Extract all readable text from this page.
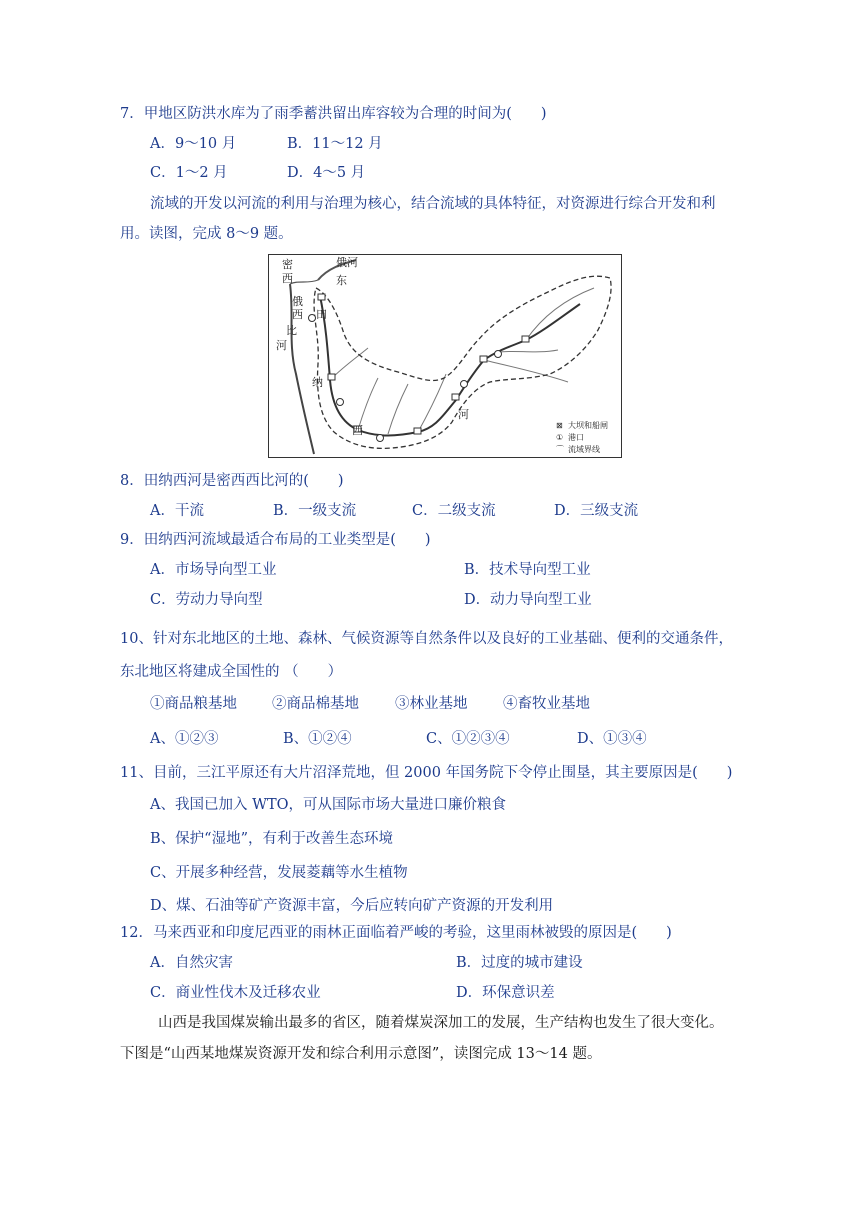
7．甲地区防洪水库为了雨季蓄洪留出库容较为合理的时间为(　　)
A．9～10 月	B．11～12 月
C．1～2 月	D．4～5 月
流域的开发以河流的利用与治理为核心，结合流域的具体特征，对资源进行综合开发和利
用。读图，完成 8～9 题。
密
西
俄
西
比
河
俄河
东
田
纳
西
河
⊠ 大坝和船闸
① 港口
⌒ 流域界线
8．田纳西河是密西西比河的(　　)
A．干流	B．一级支流	C．二级支流	D．三级支流
9．田纳西河流域最适合布局的工业类型是(　　)
A．市场导向型工业	B．技术导向型工业
C．劳动力导向型	D．动力导向型工业
10、针对东北地区的土地、森林、气候资源等自然条件以及良好的工业基础、便利的交通条件，
东北地区将建成全国性的 （　　）
①商品粮基地 ②商品棉基地 ③林业基地 ④畜牧业基地
A、①②③	B、①②④	C、①②③④	D、①③④
11、目前，三江平原还有大片沼泽荒地，但 2000 年国务院下令停止围垦，其主要原因是(　　)
A、我国已加入 WTO，可从国际市场大量进口廉价粮食
B、保护“湿地”，有利于改善生态环境
C、开展多种经营，发展菱藕等水生植物
D、煤、石油等矿产资源丰富，今后应转向矿产资源的开发利用
12．马来西亚和印度尼西亚的雨林正面临着严峻的考验，这里雨林被毁的原因是(　　)
A．自然灾害	B．过度的城市建设
C．商业性伐木及迁移农业	D．环保意识差
山西是我国煤炭输出最多的省区，随着煤炭深加工的发展，生产结构也发生了很大变化。
下图是“山西某地煤炭资源开发和综合利用示意图”，读图完成 13～14 题。
